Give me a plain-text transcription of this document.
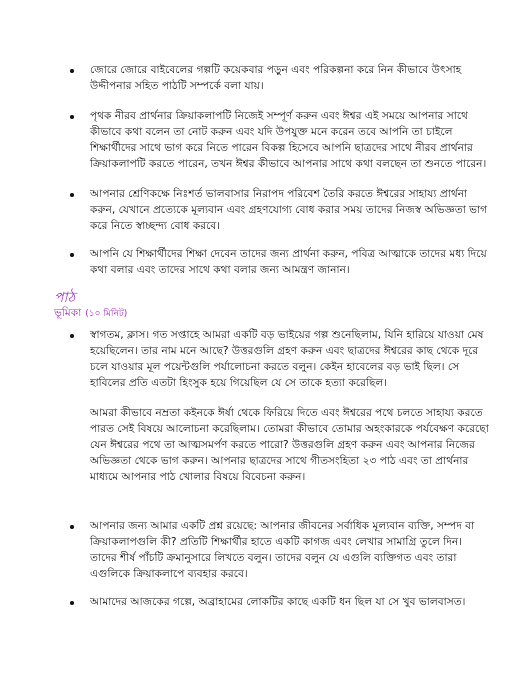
জোরে জোরে বাইবেলের গল্পটি কয়েকবার পড়ুন এবং পরিকল্পনা করে নিন কীভাবে উৎসাহ উদ্দীপনার সহিত পাঠটি সম্পর্কে বলা যায়।

পৃথক নীরব প্রার্থনার ক্রিয়াকলাপটি নিজেই সম্পূর্ণ করুন এবং ঈশ্বর এই সময়ে আপনার সাথে কীভাবে কথা বলেন তা নোট করুন এবং যদি উপযুক্ত মনে করেন তবে আপনি তা চাইলে শিক্ষার্থীদের সাথে ভাগ করে নিতে পারেন বিকল্প হিসেবে আপনি ছাত্রদের সাথে নীরব প্রার্থনার ক্রিয়াকলাপটি করতে পারেন, তখন ঈশ্বর কীভাবে আপনার সাথে কথা বলছেন তা শুনতে পারেন।

আপনার শ্রেণিকক্ষে নিঃশর্ত ভালবাসার নিরাপদ পরিবেশ তৈরি করতে ঈশ্বরের সাহায্য প্রার্থনা করুন, যেখানে প্রত্যেকে মূল্যবান এবং গ্রহণযোগ্য বোধ করার সময় তাদের নিজস্ব অভিজ্ঞতা ভাগ করে নিতে স্বাচ্ছন্দ্য বোধ করবে।

আপনি যে শিক্ষার্থীদের শিক্ষা দেবেন তাদের জন্য প্রার্থনা করুন, পবিত্র আত্মাকে তাদের মধ্য দিয়ে কথা বলার এবং তাদের সাথে কথা বলার জন্য আমন্ত্রণ জানান।

পাঠ
ভূমিকা (১০ মিনিট)

স্বাগতম, ক্লাস। গত সপ্তাহে আমরা একটি বড় ভাইয়ের গল্প শুনেছিলাম, যিনি হারিয়ে যাওয়া মেষ হয়েছিলেন। তার নাম মনে আছে? উত্তরগুলি গ্রহণ করুন এবং ছাত্রদের ঈশ্বরের কাছ থেকে দূরে চলে যাওয়ার মূল পয়েন্টগুলি পর্যালোচনা করতে বলুন। কেইন হাবেলের বড় ভাই ছিল। সে হাবিলের প্রতি এতটা হিংসুক হয়ে গিয়েছিল যে সে তাকে হত্যা করেছিল।

আমরা কীভাবে নম্রতা কইনকে ঈর্ষা থেকে ফিরিয়ে দিতে এবং ঈশ্বরের পথে চলতে সাহায্য করতে পারত সেই বিষয়ে আলোচনা করেছিলাম। তোমরা কীভাবে তোমার অহংকারকে পর্যবেক্ষণ করেছো যেন ঈশ্বরের পথে তা আত্মসমর্পণ করতে পারো? উত্তরগুলি গ্রহণ করুন এবং আপনার নিজের অভিজ্ঞতা থেকে ভাগ করুন। আপনার ছাত্রদের সাথে গীতসংহিতা ২৩ পাঠ এবং তা প্রার্থনার মাধ্যমে আপনার পাঠ খোলার বিষয়ে বিবেচনা করুন।

আপনার জন্য আমার একটি প্রশ্ন রয়েছে: আপনার জীবনের সর্বাধিক মূল্যবান ব্যক্তি, সম্পদ বা ক্রিয়াকলাপগুলি কী? প্রতিটি শিক্ষার্থীর হাতে একটি কাগজ এবং লেখার সামাগ্রি তুলে দিন। তাদের শীর্ষ পাঁচটি ক্রমানুসারে লিখতে বলুন। তাদের বলুন যে এগুলি ব্যক্তিগত এবং তারা এগুলিকে ক্রিয়াকলাপে ব্যবহার করবে।

আমাদের আজকের গল্পে, অব্রাহামের লোকটির কাছে একটি ধন ছিল যা সে খুব ভালবাসত।
